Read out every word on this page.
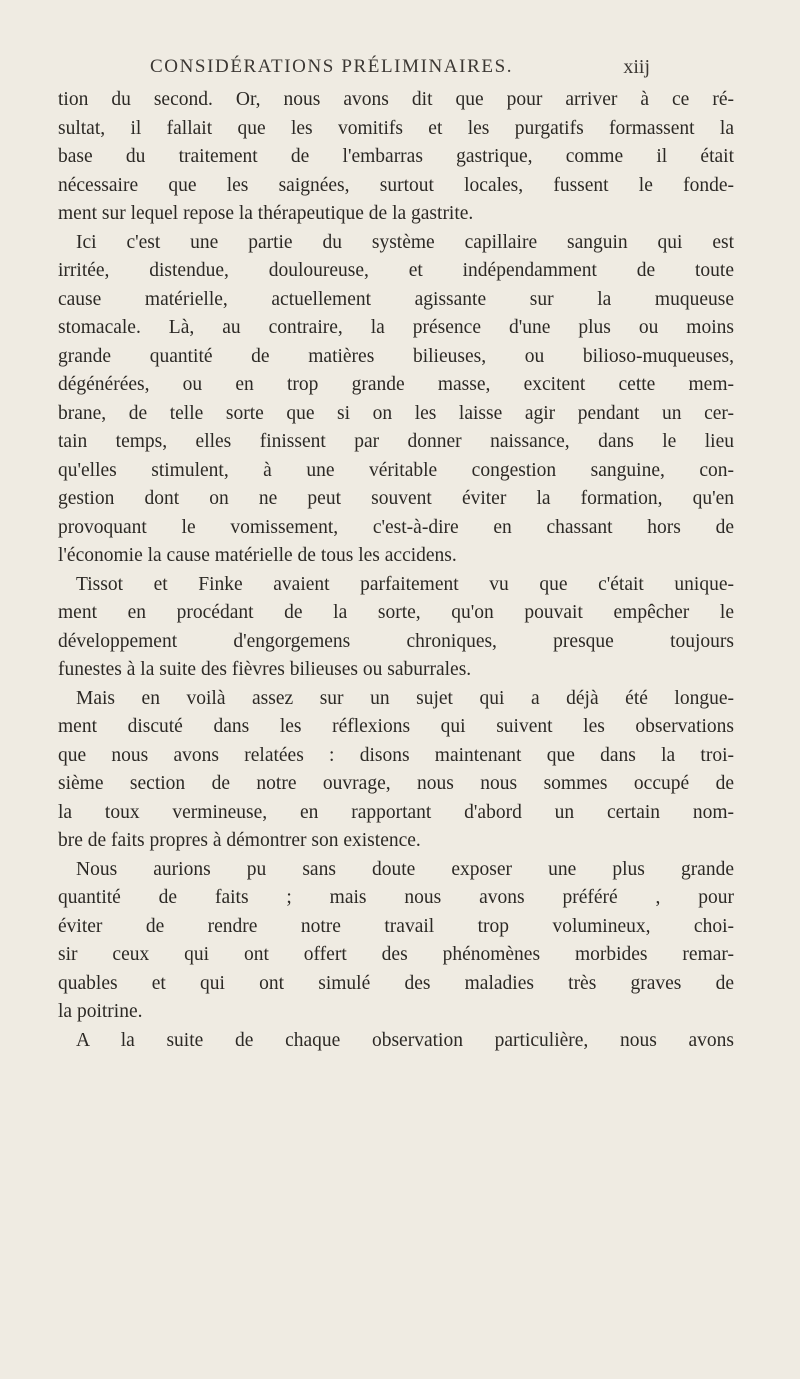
CONSIDÉRATIONS PRÉLIMINAIRES.	xiij
tion du second. Or, nous avons dit que pour arriver à ce ré-
sultat, il fallait que les vomitifs et les purgatifs formassent la
base du traitement de l'embarras gastrique, comme il était
nécessaire que les saignées, surtout locales, fussent le fonde-
ment sur lequel repose la thérapeutique de la gastrite.
Ici c'est une partie du système capillaire sanguin qui est
irritée, distendue, douloureuse, et indépendamment de toute
cause matérielle, actuellement agissante sur la muqueuse
stomacale. Là, au contraire, la présence d'une plus ou moins
grande quantité de matières bilieuses, ou bilioso-muqueuses,
dégénérées, ou en trop grande masse, excitent cette mem-
brane, de telle sorte que si on les laisse agir pendant un cer-
tain temps, elles finissent par donner naissance, dans le lieu
qu'elles stimulent, à une véritable congestion sanguine, con-
gestion dont on ne peut souvent éviter la formation, qu'en
provoquant le vomissement, c'est-à-dire en chassant hors de
l'économie la cause matérielle de tous les accidens.
Tissot et Finke avaient parfaitement vu que c'était unique-
ment en procédant de la sorte, qu'on pouvait empêcher le
développement d'engorgemens chroniques, presque toujours
funestes à la suite des fièvres bilieuses ou saburrales.
Mais en voilà assez sur un sujet qui a déjà été longue-
ment discuté dans les réflexions qui suivent les observations
que nous avons relatées : disons maintenant que dans la troi-
sième section de notre ouvrage, nous nous sommes occupé de
la toux vermineuse, en rapportant d'abord un certain nom-
bre de faits propres à démontrer son existence.
Nous aurions pu sans doute exposer une plus grande
quantité de faits ; mais nous avons préféré , pour
éviter de rendre notre travail trop volumineux, choi-
sir ceux qui ont offert des phénomènes morbides remar-
quables et qui ont simulé des maladies très graves de
la poitrine.
A la suite de chaque observation particulière, nous avons
